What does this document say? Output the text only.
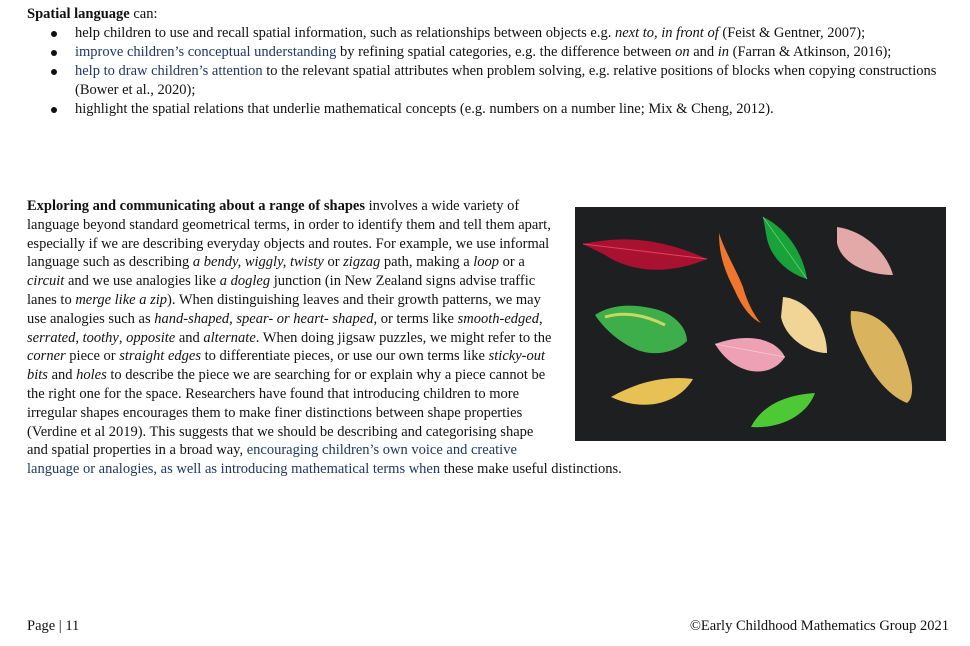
Spatial language can:
help children to use and recall spatial information, such as relationships between objects e.g. next to, in front of (Feist & Gentner, 2007);
improve children’s conceptual understanding by refining spatial categories, e.g. the difference between on and in (Farran & Atkinson, 2016);
help to draw children’s attention to the relevant spatial attributes when problem solving, e.g. relative positions of blocks when copying constructions (Bower et al., 2020);
highlight the spatial relations that underlie mathematical concepts (e.g. numbers on a number line; Mix & Cheng, 2012).
Exploring and communicating about a range of shapes involves a wide variety of language beyond standard geometrical terms, in order to identify them and tell them apart, especially if we are describing everyday objects and routes. For example, we use informal language such as describing a bendy, wiggly, twisty or zigzag path, making a loop or a circuit and we use analogies like a dogleg junction (in New Zealand signs advise traffic lanes to merge like a zip). When distinguishing leaves and their growth patterns, we may use analogies such as hand-shaped, spear- or heart- shaped, or terms like smooth-edged, serrated, toothy, opposite and alternate. When doing jigsaw puzzles, we might refer to the corner piece or straight edges to differentiate pieces, or use our own terms like sticky-out bits and holes to describe the piece we are searching for or explain why a piece cannot be the right one for the space. Researchers have found that introducing children to more irregular shapes encourages them to make finer distinctions between shape properties (Verdine et al 2019). This suggests that we should be describing and categorising shape and spatial properties in a broad way, encouraging children’s own voice and creative language or analogies, as well as introducing mathematical terms when these make useful distinctions.
Page | 11	©Early Childhood Mathematics Group 2021
